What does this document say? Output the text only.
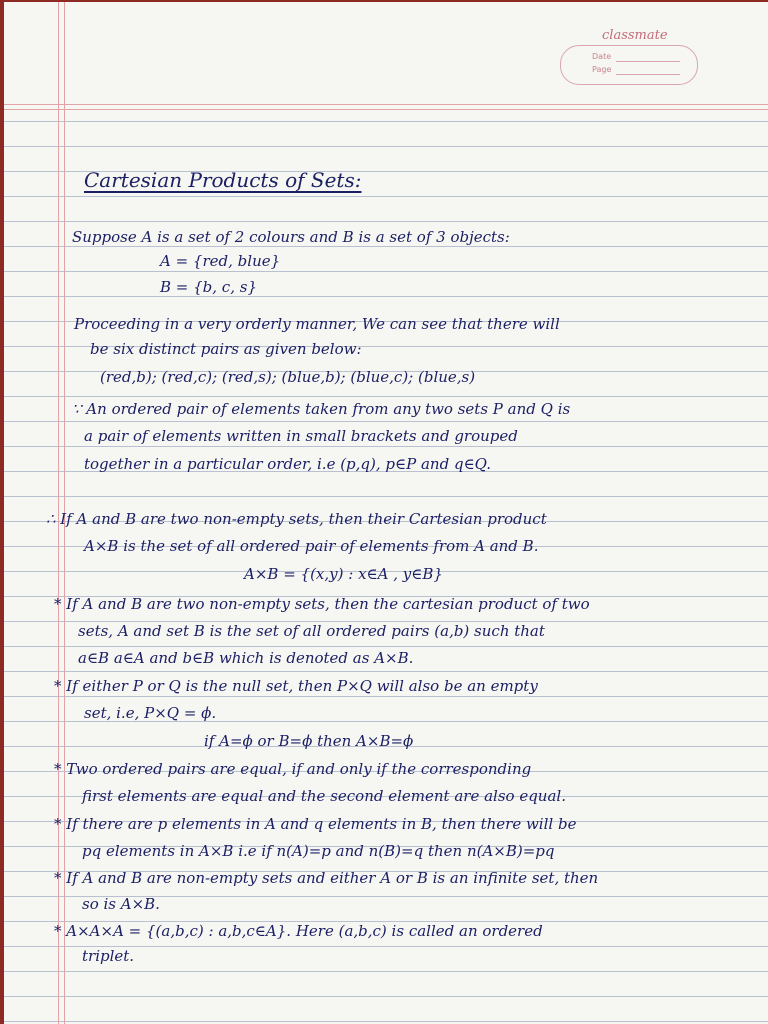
classmate
Date
Page
Cartesian Products of Sets:
Suppose A is a set of 2 colours and B is a set of 3 objects:
A = {red, blue}
B = {b, c, s}
Proceeding in a very orderly manner, We can see that there will
be six distinct pairs as given below:
(red,b); (red,c); (red,s); (blue,b); (blue,c); (blue,s)
∵ An ordered pair of elements taken from any two sets P and Q is
a pair of elements written in small brackets and grouped
together in a particular order, i.e (p,q), p∈P and q∈Q.
∴ If A and B are two non-empty sets, then their Cartesian product
A×B is the set of all ordered pair of elements from A and B.
A×B = {(x,y) : x∈A , y∈B}
* If A and B are two non-empty sets, then the cartesian product of two
sets, A and set B is the set of all ordered pairs (a,b) such that
a∈B a∈A and b∈B which is denoted as A×B.
* If either P or Q is the null set, then P×Q will also be an empty
set, i.e, P×Q = ϕ.
if A=ϕ or B=ϕ then A×B=ϕ
* Two ordered pairs are equal, if and only if the corresponding
first elements are equal and the second element are also equal.
* If there are p elements in A and q elements in B, then there will be
pq elements in A×B i.e if n(A)=p and n(B)=q then n(A×B)=pq
* If A and B are non-empty sets and either A or B is an infinite set, then
so is A×B.
* A×A×A = {(a,b,c) : a,b,c∈A}. Here (a,b,c) is called an ordered
triplet.
